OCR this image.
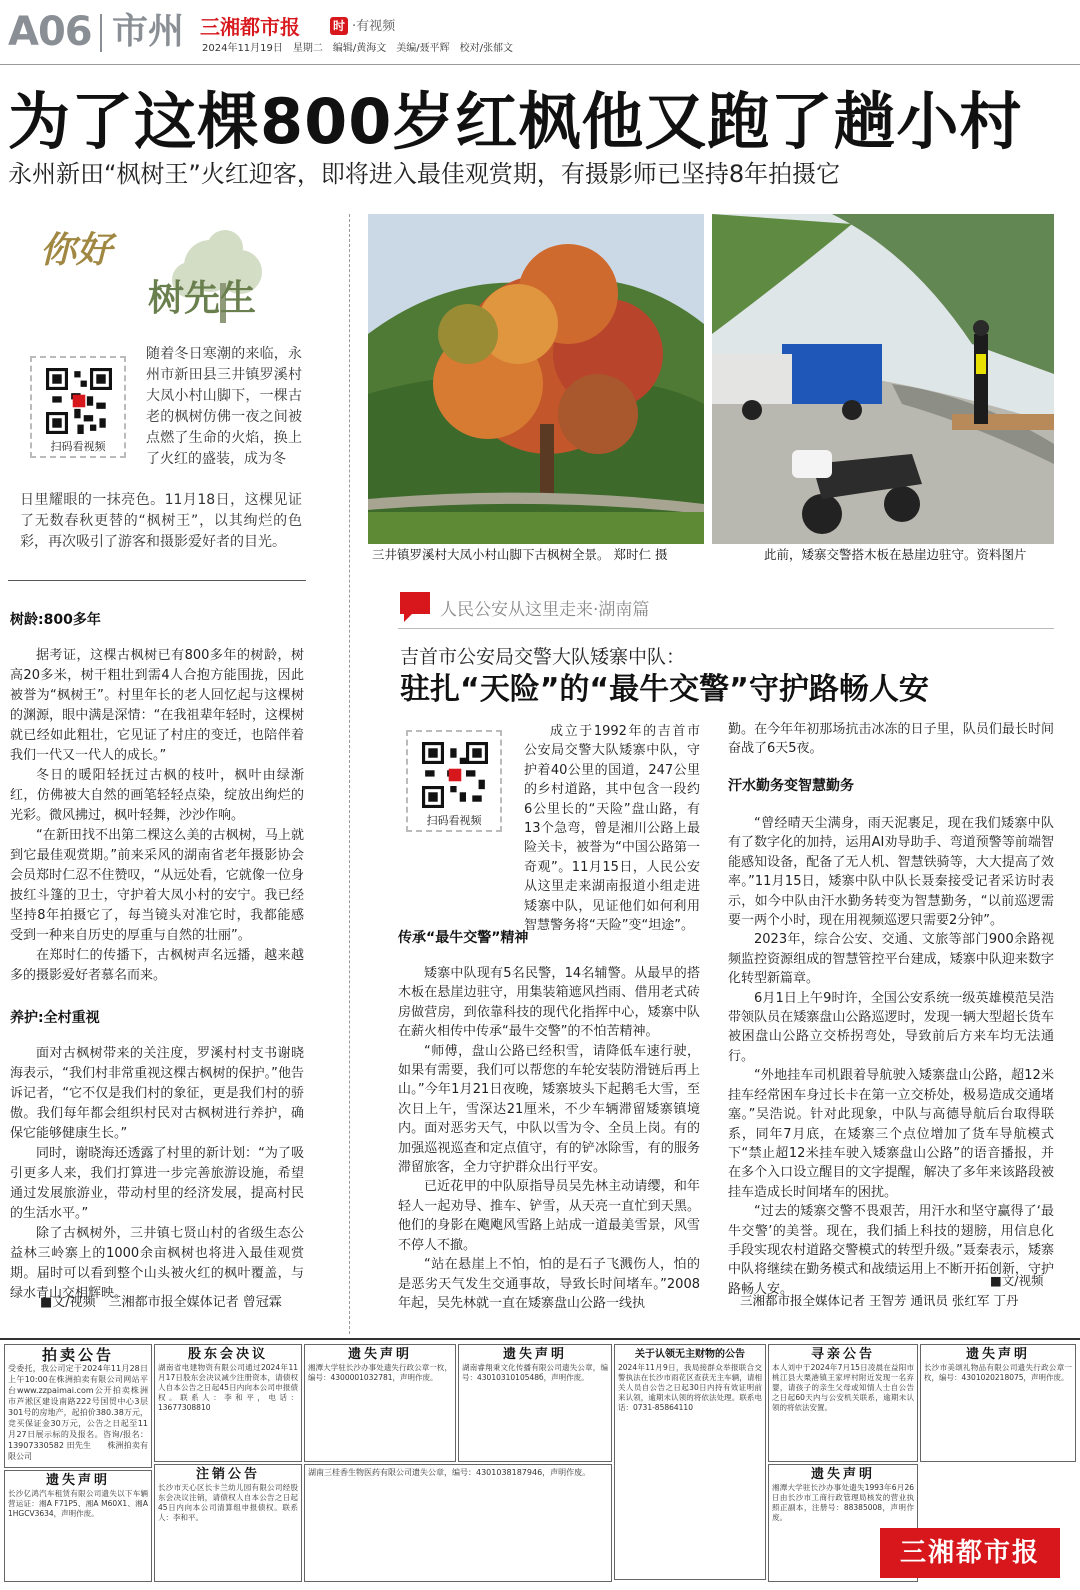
A06 市州 三湘都市报	时 ·有视频
2024年11月19日　星期二　编辑/黄海文　美编/聂平辉　校对/张郁文
为了这棵800岁红枫他又跑了趟小村
永州新田“枫树王”火红迎客，即将进入最佳观赏期，有摄影师已坚持8年拍摄它
你好
树先生
扫码看视频

随着冬日寒潮的来临，永州市新田县三井镇罗溪村大凤小村山脚下，一棵古老的枫树仿佛一夜之间被点燃了生命的火焰，换上了火红的盛装，成为冬

日里耀眼的一抹亮色。11月18日，这棵见证了无数春秋更替的“枫树王”，以其绚烂的色彩，再次吸引了游客和摄影爱好者的目光。

树龄:800多年

据考证，这棵古枫树已有800多年的树龄，树高20多米，树干粗壮到需4人合抱方能围拢，因此被誉为“枫树王”。村里年长的老人回忆起与这棵树的渊源，眼中满是深情：“在我祖辈年轻时，这棵树就已经如此粗壮，它见证了村庄的变迁，也陪伴着我们一代又一代人的成长。”

冬日的暖阳轻抚过古枫的枝叶，枫叶由绿渐红，仿佛被大自然的画笔轻轻点染，绽放出绚烂的光彩。微风拂过，枫叶轻舞，沙沙作响。

“在新田找不出第二棵这么美的古枫树，马上就到它最佳观赏期。”前来采风的湖南省老年摄影协会会员郑时仁忍不住赞叹，“从远处看，它就像一位身披红斗篷的卫士，守护着大凤小村的安宁。我已经坚持8年拍摄它了，每当镜头对准它时，我都能感受到一种来自历史的厚重与自然的壮丽”。

在郑时仁的传播下，古枫树声名远播，越来越多的摄影爱好者慕名而来。

养护:全村重视

面对古枫树带来的关注度，罗溪村村支书谢晓海表示，“我们村非常重视这棵古枫树的保护。”他告诉记者，“它不仅是我们村的象征，更是我们村的骄傲。我们每年都会组织村民对古枫树进行养护，确保它能够健康生长。”

同时，谢晓海还透露了村里的新计划：“为了吸引更多人来，我们打算进一步完善旅游设施，希望通过发展旅游业，带动村里的经济发展，提高村民的生活水平。”

除了古枫树外，三井镇七贤山村的省级生态公益林三岭寨上的1000余亩枫树也将进入最佳观赏期。届时可以看到整个山头被火红的枫叶覆盖，与绿水青山交相辉映。

■文/视频　三湘都市报全媒体记者 曾冠霖
三井镇罗溪村大凤小村山脚下古枫树全景。 郑时仁 摄	此前，矮寨交警搭木板在悬崖边驻守。资料图片
人民公安从这里走来·湖南篇
吉首市公安局交警大队矮寨中队：
驻扎“天险”的“最牛交警”守护路畅人安
扫码看视频

成立于1992年的吉首市公安局交警大队矮寨中队，守护着40公里的国道，247公里的乡村道路，其中包含一段约6公里长的“天险”盘山路，有13个急弯，曾是湘川公路上最险关卡，被誉为“中国公路第一奇观”。11月15日，人民公安从这里走来湖南报道小组走进矮寨中队，见证他们如何利用智慧警务将“天险”变“坦途”。

传承“最牛交警”精神

矮寨中队现有5名民警，14名辅警。从最早的搭木板在悬崖边驻守，用集装箱遮风挡雨、借用老式砖房做营房，到依靠科技的现代化指挥中心，矮寨中队在薪火相传中传承“最牛交警”的不怕苦精神。

“师傅，盘山公路已经积雪，请降低车速行驶，如果有需要，我们可以帮您的车轮安装防滑链后再上山。”今年1月21日夜晚，矮寨坡头下起鹅毛大雪，至次日上午，雪深达21厘米，不少车辆滞留矮寨镇境内。面对恶劣天气，中队以雪为令、全员上岗。有的加强巡视巡查和定点值守，有的铲冰除雪，有的服务滞留旅客，全力守护群众出行平安。

已近花甲的中队原指导员吴先林主动请缨，和年轻人一起劝导、推车、铲雪，从天亮一直忙到天黑。他们的身影在飑飑风雪路上站成一道最美雪景，风雪不停人不撤。

“站在悬崖上不怕，怕的是石子飞溅伤人，怕的是恶劣天气发生交通事故，导致长时间堵车。”2008年起，吴先林就一直在矮寨盘山公路一线执

勤。在今年年初那场抗击冰冻的日子里，队员们最长时间奋战了6天5夜。

汗水勤务变智慧勤务

“曾经晴天尘满身，雨天泥裹足，现在我们矮寨中队有了数字化的加持，运用AI劝导助手、弯道预警等前端智能感知设备，配备了无人机、智慧铁骑等，大大提高了效率。”11月15日，矮寨中队中队长聂秦接受记者采访时表示，如今中队由汗水勤务转变为智慧勤务，“以前巡逻需要一两个小时，现在用视频巡逻只需要2分钟”。

2023年，综合公安、交通、文旅等部门900余路视频监控资源组成的智慧管控平台建成，矮寨中队迎来数字化转型新篇章。

6月1日上午9时许，全国公安系统一级英雄模范吴浩带领队员在矮寨盘山公路巡逻时，发现一辆大型超长货车被困盘山公路立交桥拐弯处，导致前后方来车均无法通行。

“外地挂车司机跟着导航驶入矮寨盘山公路，超12米挂车经常困车身过长卡在第一立交桥处，极易造成交通堵塞。”吴浩说。针对此现象，中队与高德导航后台取得联系，同年7月底，在矮寨三个点位增加了货车导航模式下“禁止超12米挂车驶入矮寨盘山公路”的语音播报，并在多个入口设立醒目的文字提醒，解决了多年来该路段被挂车造成长时间堵车的困扰。

“过去的矮寨交警不畏艰苦，用汗水和坚守赢得了‘最牛交警’的美誉。现在，我们插上科技的翅膀，用信息化手段实现农村道路交警模式的转型升级。”聂秦表示，矮寨中队将继续在勤务模式和战绩运用上不断开拓创新，守护路畅人安。

■文/视频
三湘都市报全媒体记者 王智芳 通讯员 张红军 丁丹
拍卖公告
受委托，我公司定于2024年11月28日上午10:00在株洲拍卖有限公司网站平台www.zzpaimai.com公开拍卖株洲市芦淞区建设南路222号国贸中心3层301号的房地产，起拍价380.38万元，竞买保证金30万元，公告之日起至11月27日展示标的及报名。咨询/报名：13907330582 田先生　　株洲拍卖有限公司
股东会决议
湖南省电建物资有限公司通过2024年11月17日股东会决议减少注册资本，请债权人自本公告之日起45日内向本公司申报债权。联系人：李和平，电话：13677308810
遗失声明
湘潭大学驻长沙办事处遗失行政公章一枚，编号：4300001032781，声明作废。
遗失声明
湖南睿翔秉文化传播有限公司遗失公章，编号：4301031010548б，声明作废。
关于认领无主财物的公告
2024年11月9日，我局接群众举报联合交警执法在长沙市雨花区查获无主车辆，请相关人员自公告之日起30日内持有效证明前来认领，逾期未认领的将依法处理。联系电话：0731-85864110
寻亲公告
本人刘中于2024年7月15日凌晨在益阳市桃江县大栗港镇王家坪村附近发现一名弃婴，请孩子的亲生父母或知情人士自公告之日起60天内与公安机关联系，逾期未认领的将依法安置。
遗失声明
长沙市美颂礼物品有限公司遗失行政公章一枚，编号：4301020218075，声明作废。
遗失声明
长沙亿鸿汽车租赁有限公司遗失以下车辆营运证：湘A F71P5、湘A M60X1、湘A 1HGCV3634，声明作废。
注销公告
长沙市天心区长卡兰幼儿园有限公司经股东会决议注销，请债权人自本公告之日起45日内向本公司清算组申报债权。联系人：李和平。
湖南三桂香生物医药有限公司遗失公章，编号：4301038187946，声明作废。	遗失声明
湘潭大学驻长沙办事处遗失1993年6月26日由长沙市工商行政管理局核发的营业执照正副本，注册号：88385008，声明作废。
三湘都市报
